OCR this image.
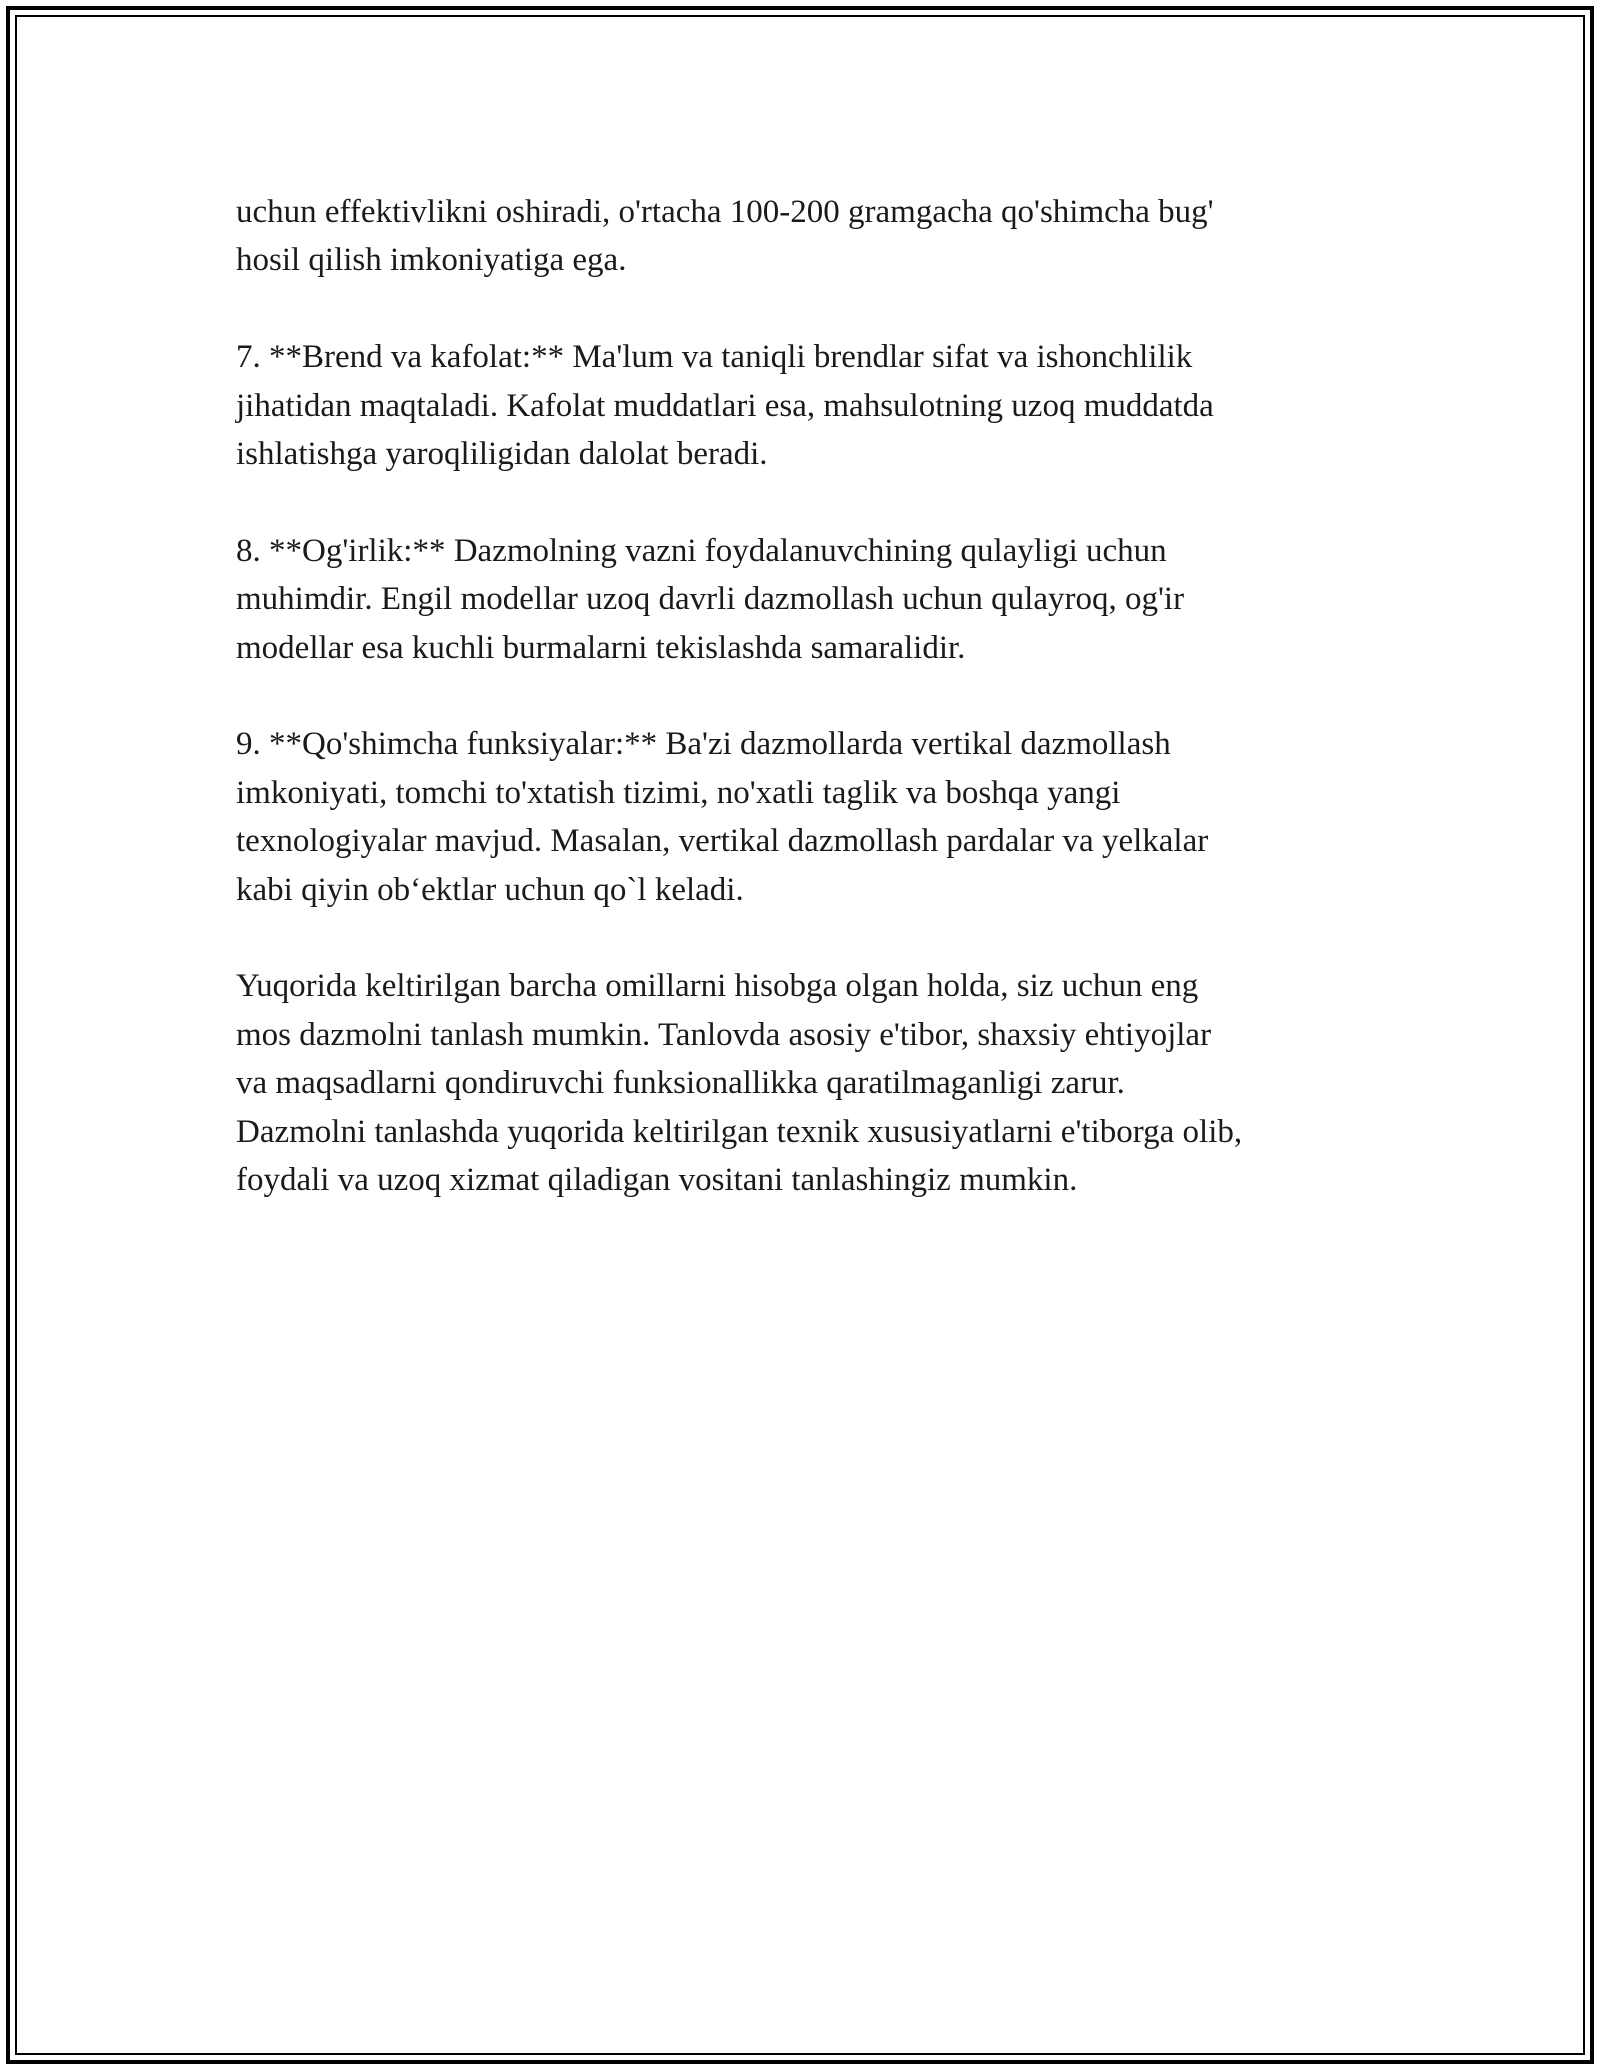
uchun effektivlikni oshiradi, o'rtacha 100-200 gramgacha qo'shimcha bug'
hosil qilish imkoniyatiga ega.

7. **Brend va kafolat:** Ma'lum va taniqli brendlar sifat va ishonchlilik
jihatidan maqtaladi. Kafolat muddatlari esa, mahsulotning uzoq muddatda
ishlatishga yaroqliligidan dalolat beradi.

8. **Og'irlik:** Dazmolning vazni foydalanuvchining qulayligi uchun
muhimdir. Engil modellar uzoq davrli dazmollash uchun qulayroq, og'ir
modellar esa kuchli burmalarni tekislashda samaralidir.

9. **Qo'shimcha funksiyalar:** Ba'zi dazmollarda vertikal dazmollash
imkoniyati, tomchi to'xtatish tizimi, no'xatli taglik va boshqa yangi
texnologiyalar mavjud. Masalan, vertikal dazmollash pardalar va yelkalar
kabi qiyin ob‘ektlar uchun qo`l keladi.

Yuqorida keltirilgan barcha omillarni hisobga olgan holda, siz uchun eng
mos dazmolni tanlash mumkin. Tanlovda asosiy e'tibor, shaxsiy ehtiyojlar
va maqsadlarni qondiruvchi funksionallikka qaratilmaganligi zarur.
Dazmolni tanlashda yuqorida keltirilgan texnik xususiyatlarni e'tiborga olib,
foydali va uzoq xizmat qiladigan vositani tanlashingiz mumkin.
